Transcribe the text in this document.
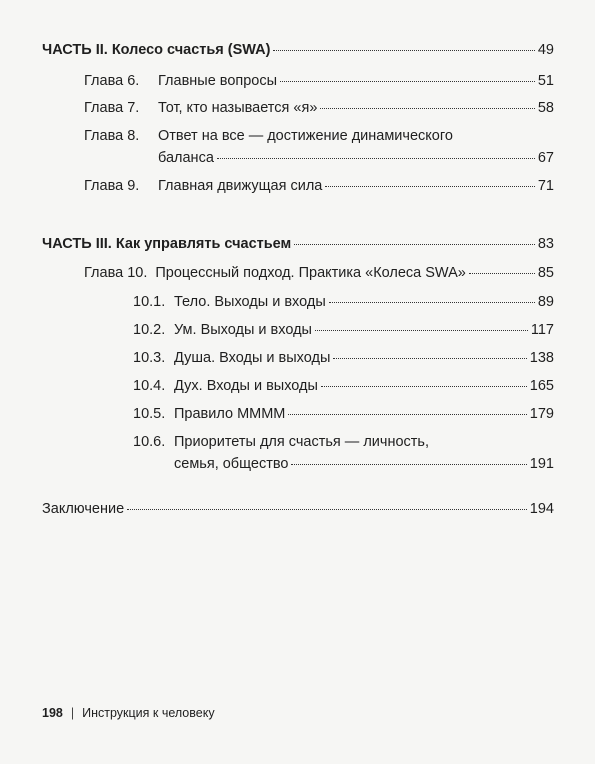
ЧАСТЬ II. Колесо счастья (SWA)	49
Глава 6. Главные вопросы	51
Глава 7. Тот, кто называется «я»	58
Глава 8. Ответ на все — достижение динамического
баланса	67
Глава 9. Главная движущая сила	71
ЧАСТЬ III. Как управлять счастьем	83
Глава 10. Процессный подход. Практика «Колеса SWA»	85
10.1. Тело. Выходы и входы	89
10.2. Ум. Выходы и входы	117
10.3. Душа. Входы и выходы	138
10.4. Дух. Входы и выходы	165
10.5. Правило ММММ	179
10.6. Приоритеты для счастья — личность,
семья, общество	191
Заключение	194
198 | Инструкция к человеку
